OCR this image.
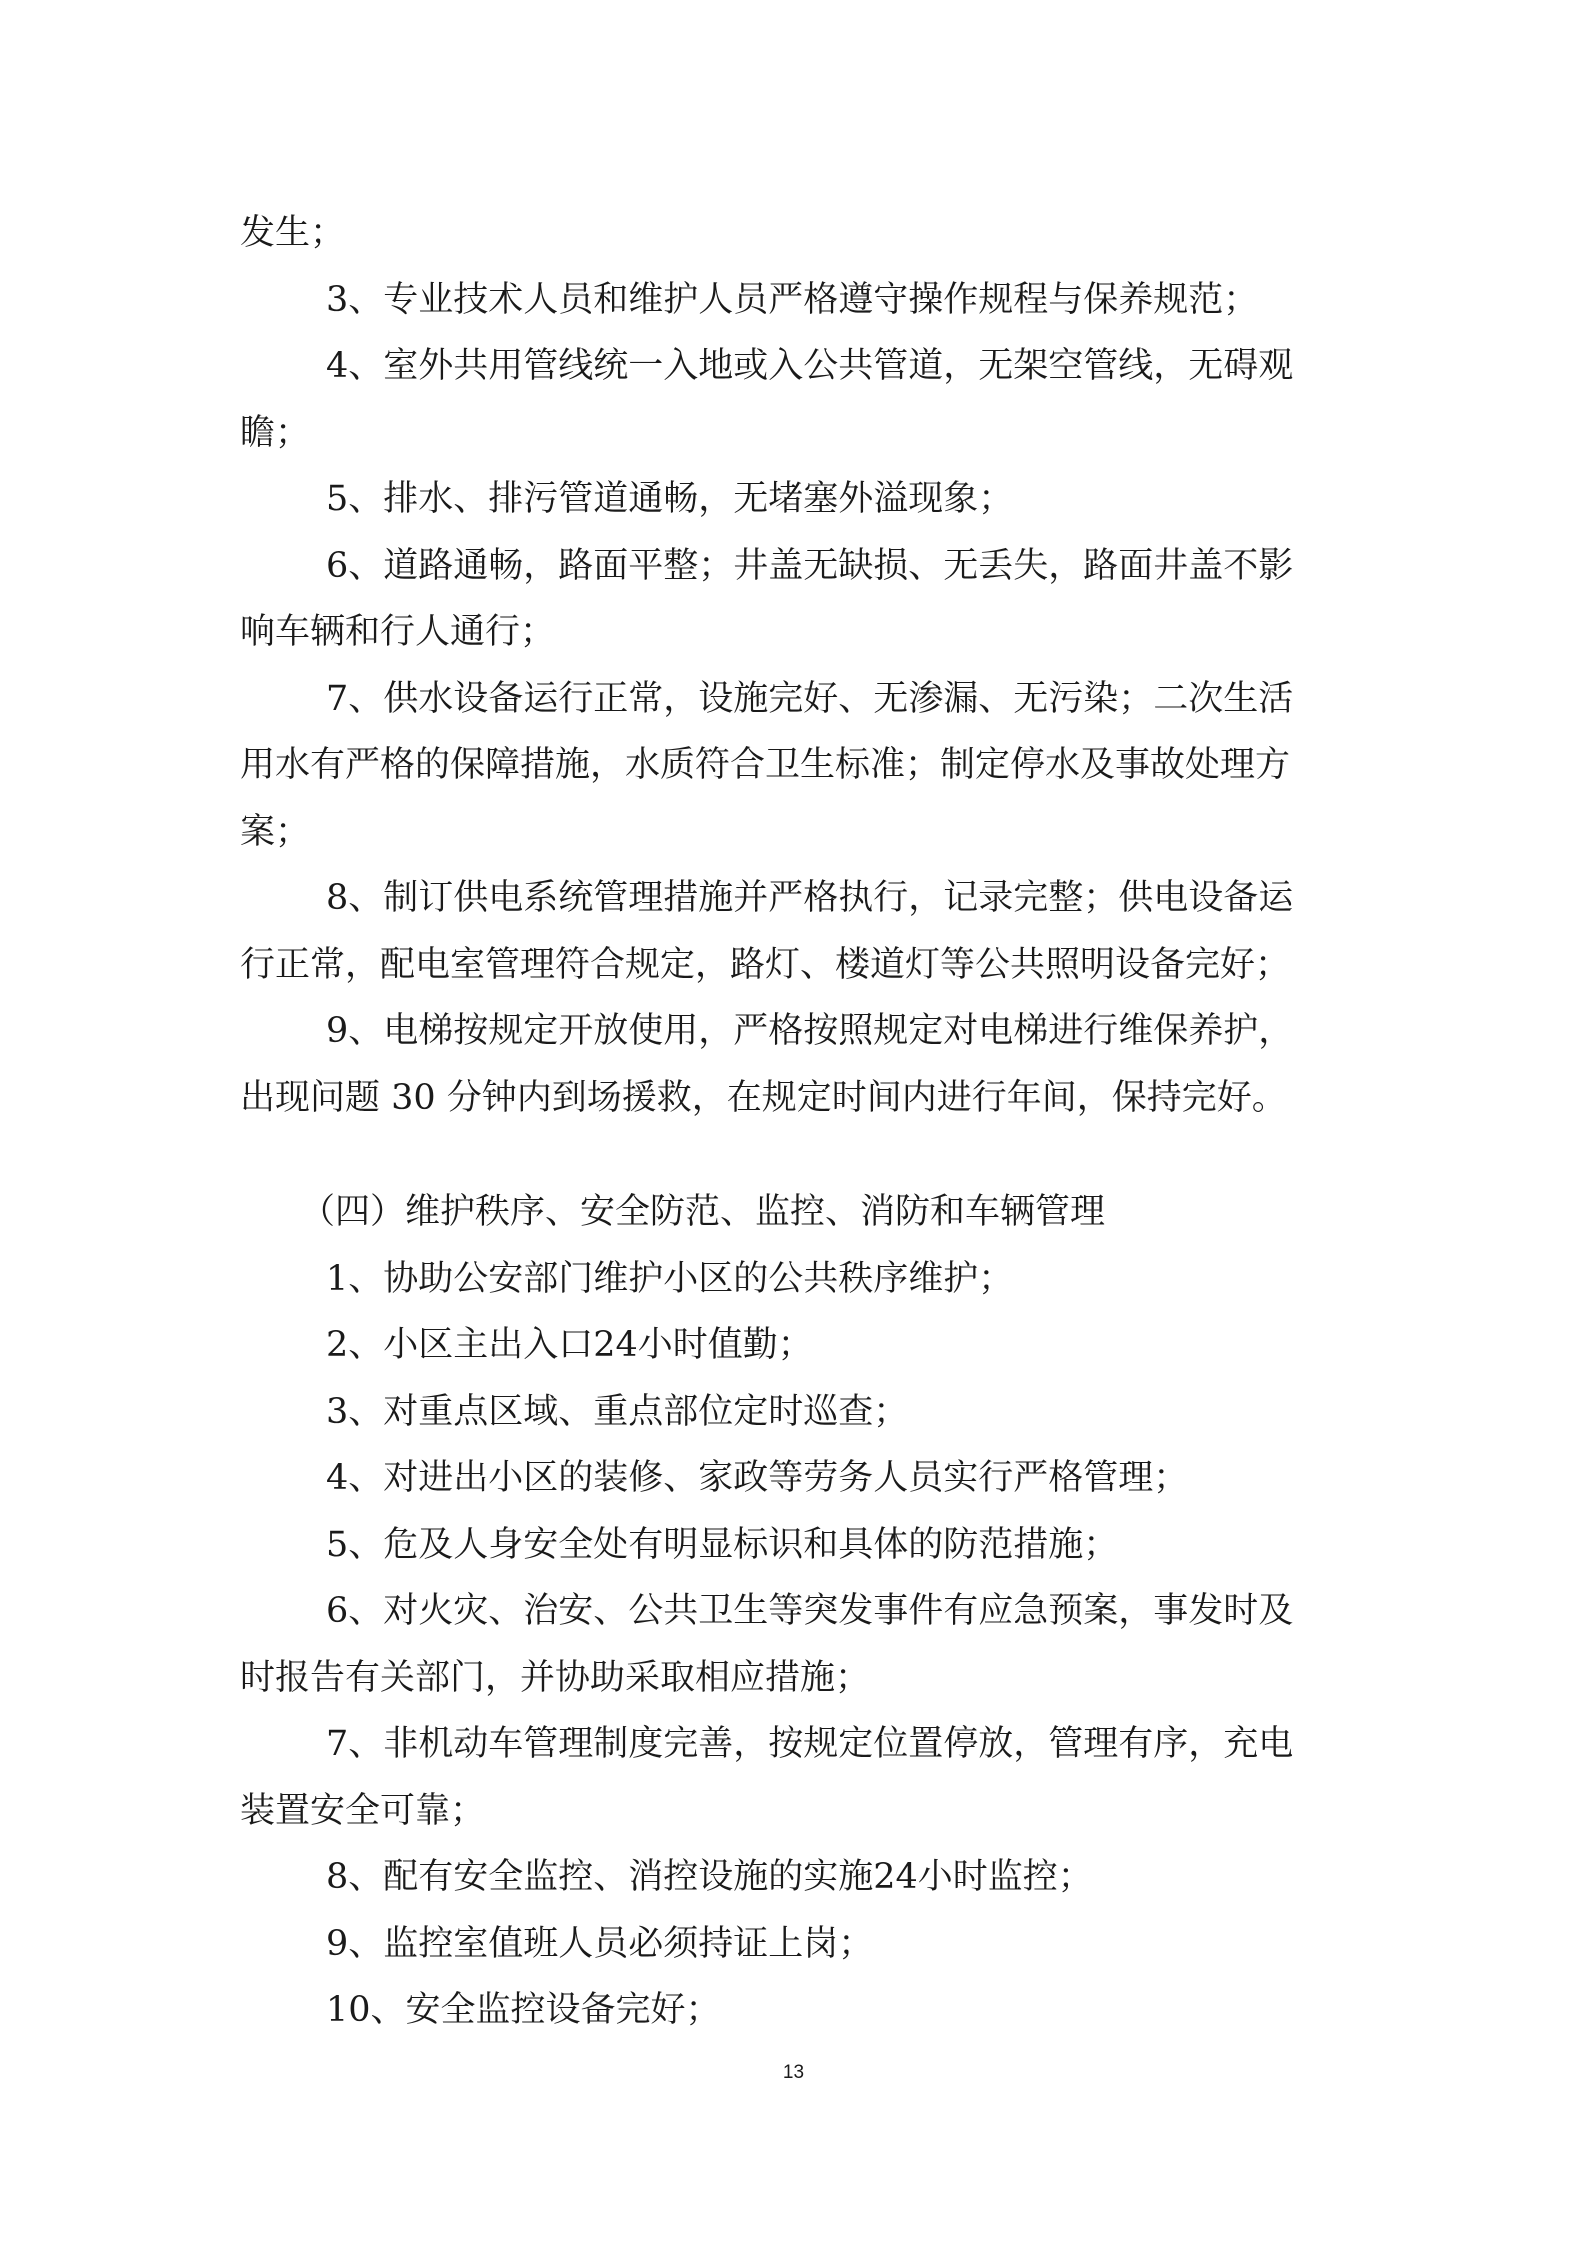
发生；
3、专业技术人员和维护人员严格遵守操作规程与保养规范；
4、室外共用管线统一入地或入公共管道，无架空管线，无碍观
瞻；
5、排水、排污管道通畅，无堵塞外溢现象；
6、道路通畅，路面平整；井盖无缺损、无丢失，路面井盖不影
响车辆和行人通行；
7、供水设备运行正常，设施完好、无渗漏、无污染；二次生活
用水有严格的保障措施，水质符合卫生标准；制定停水及事故处理方
案；
8、制订供电系统管理措施并严格执行，记录完整；供电设备运
行正常，配电室管理符合规定，路灯、楼道灯等公共照明设备完好；
9、电梯按规定开放使用，严格按照规定对电梯进行维保养护，
出现问题 30 分钟内到场援救，在规定时间内进行年间，保持完好。
（四）维护秩序、安全防范、监控、消防和车辆管理
1、协助公安部门维护小区的公共秩序维护；
2、小区主出入口24小时值勤；
3、对重点区域、重点部位定时巡查；
4、对进出小区的装修、家政等劳务人员实行严格管理；
5、危及人身安全处有明显标识和具体的防范措施；
6、对火灾、治安、公共卫生等突发事件有应急预案，事发时及
时报告有关部门，并协助采取相应措施；
7、非机动车管理制度完善，按规定位置停放，管理有序，充电
装置安全可靠；
8、配有安全监控、消控设施的实施24小时监控；
9、监控室值班人员必须持证上岗；
10、安全监控设备完好；
13
